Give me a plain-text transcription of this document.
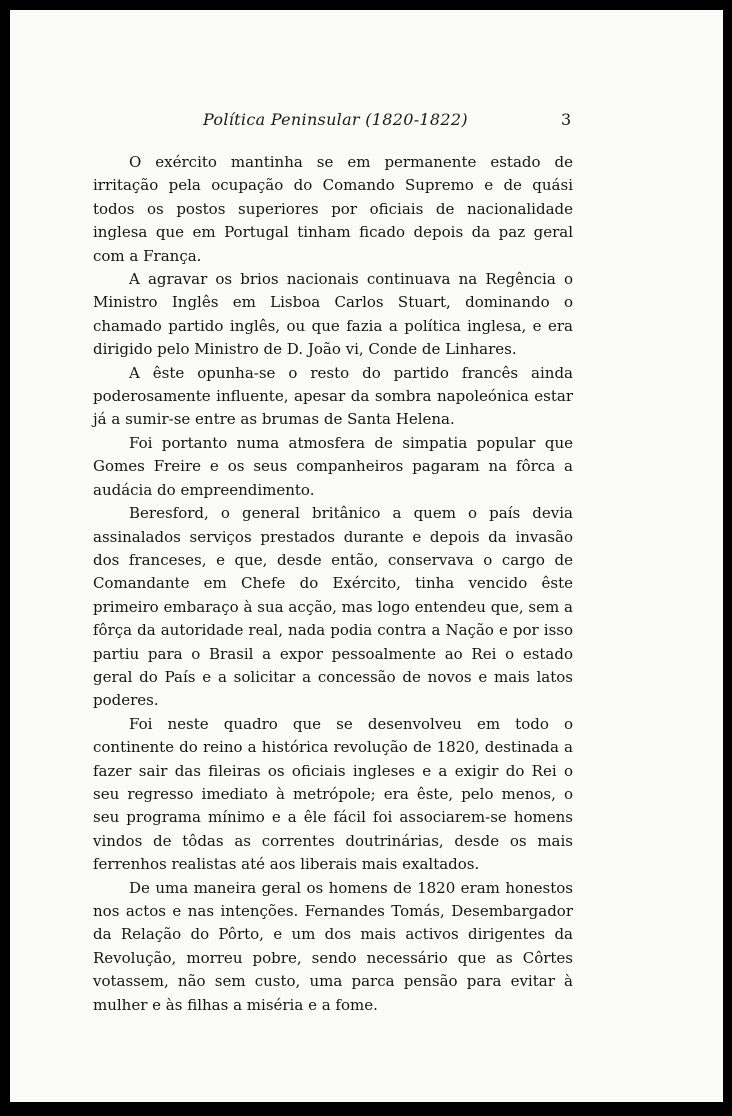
Política Peninsular (1820-1822)	3

O exército mantinha se em permanente estado de irritação pela ocupação do Comando Supremo e de quási todos os postos superiores por oficiais de nacionalidade inglesa que em Portugal tinham ficado depois da paz geral com a França.

A agravar os brios nacionais continuava na Regência o Ministro Inglês em Lisboa Carlos Stuart, dominando o chamado partido inglês, ou que fazia a política inglesa, e era dirigido pelo Ministro de D. João vi, Conde de Linhares.

A êste opunha-se o resto do partido francês ainda poderosamente influente, apesar da sombra napoleónica estar já a sumir-se entre as brumas de Santa Helena.

Foi portanto numa atmosfera de simpatia popular que Gomes Freire e os seus companheiros pagaram na fôrca a audácia do empreendimento.

Beresford, o general britânico a quem o país devia assinalados serviços prestados durante e depois da invasão dos franceses, e que, desde então, conservava o cargo de Comandante em Chefe do Exército, tinha vencido êste primeiro embaraço à sua acção, mas logo entendeu que, sem a fôrça da autoridade real, nada podia contra a Nação e por isso partiu para o Brasil a expor pessoalmente ao Rei o estado geral do País e a solicitar a concessão de novos e mais latos poderes.

Foi neste quadro que se desenvolveu em todo o continente do reino a histórica revolução de 1820, destinada a fazer sair das fileiras os oficiais ingleses e a exigir do Rei o seu regresso imediato à metrópole; era êste, pelo menos, o seu programa mínimo e a êle fácil foi associarem-se homens vindos de tôdas as correntes doutrinárias, desde os mais ferrenhos realistas até aos liberais mais exaltados.

De uma maneira geral os homens de 1820 eram honestos nos actos e nas intenções. Fernandes Tomás, Desembargador da Relação do Pôrto, e um dos mais activos dirigentes da Revolução, morreu pobre, sendo necessário que as Côrtes votassem, não sem custo, uma parca pensão para evitar à mulher e às filhas a miséria e a fome.
